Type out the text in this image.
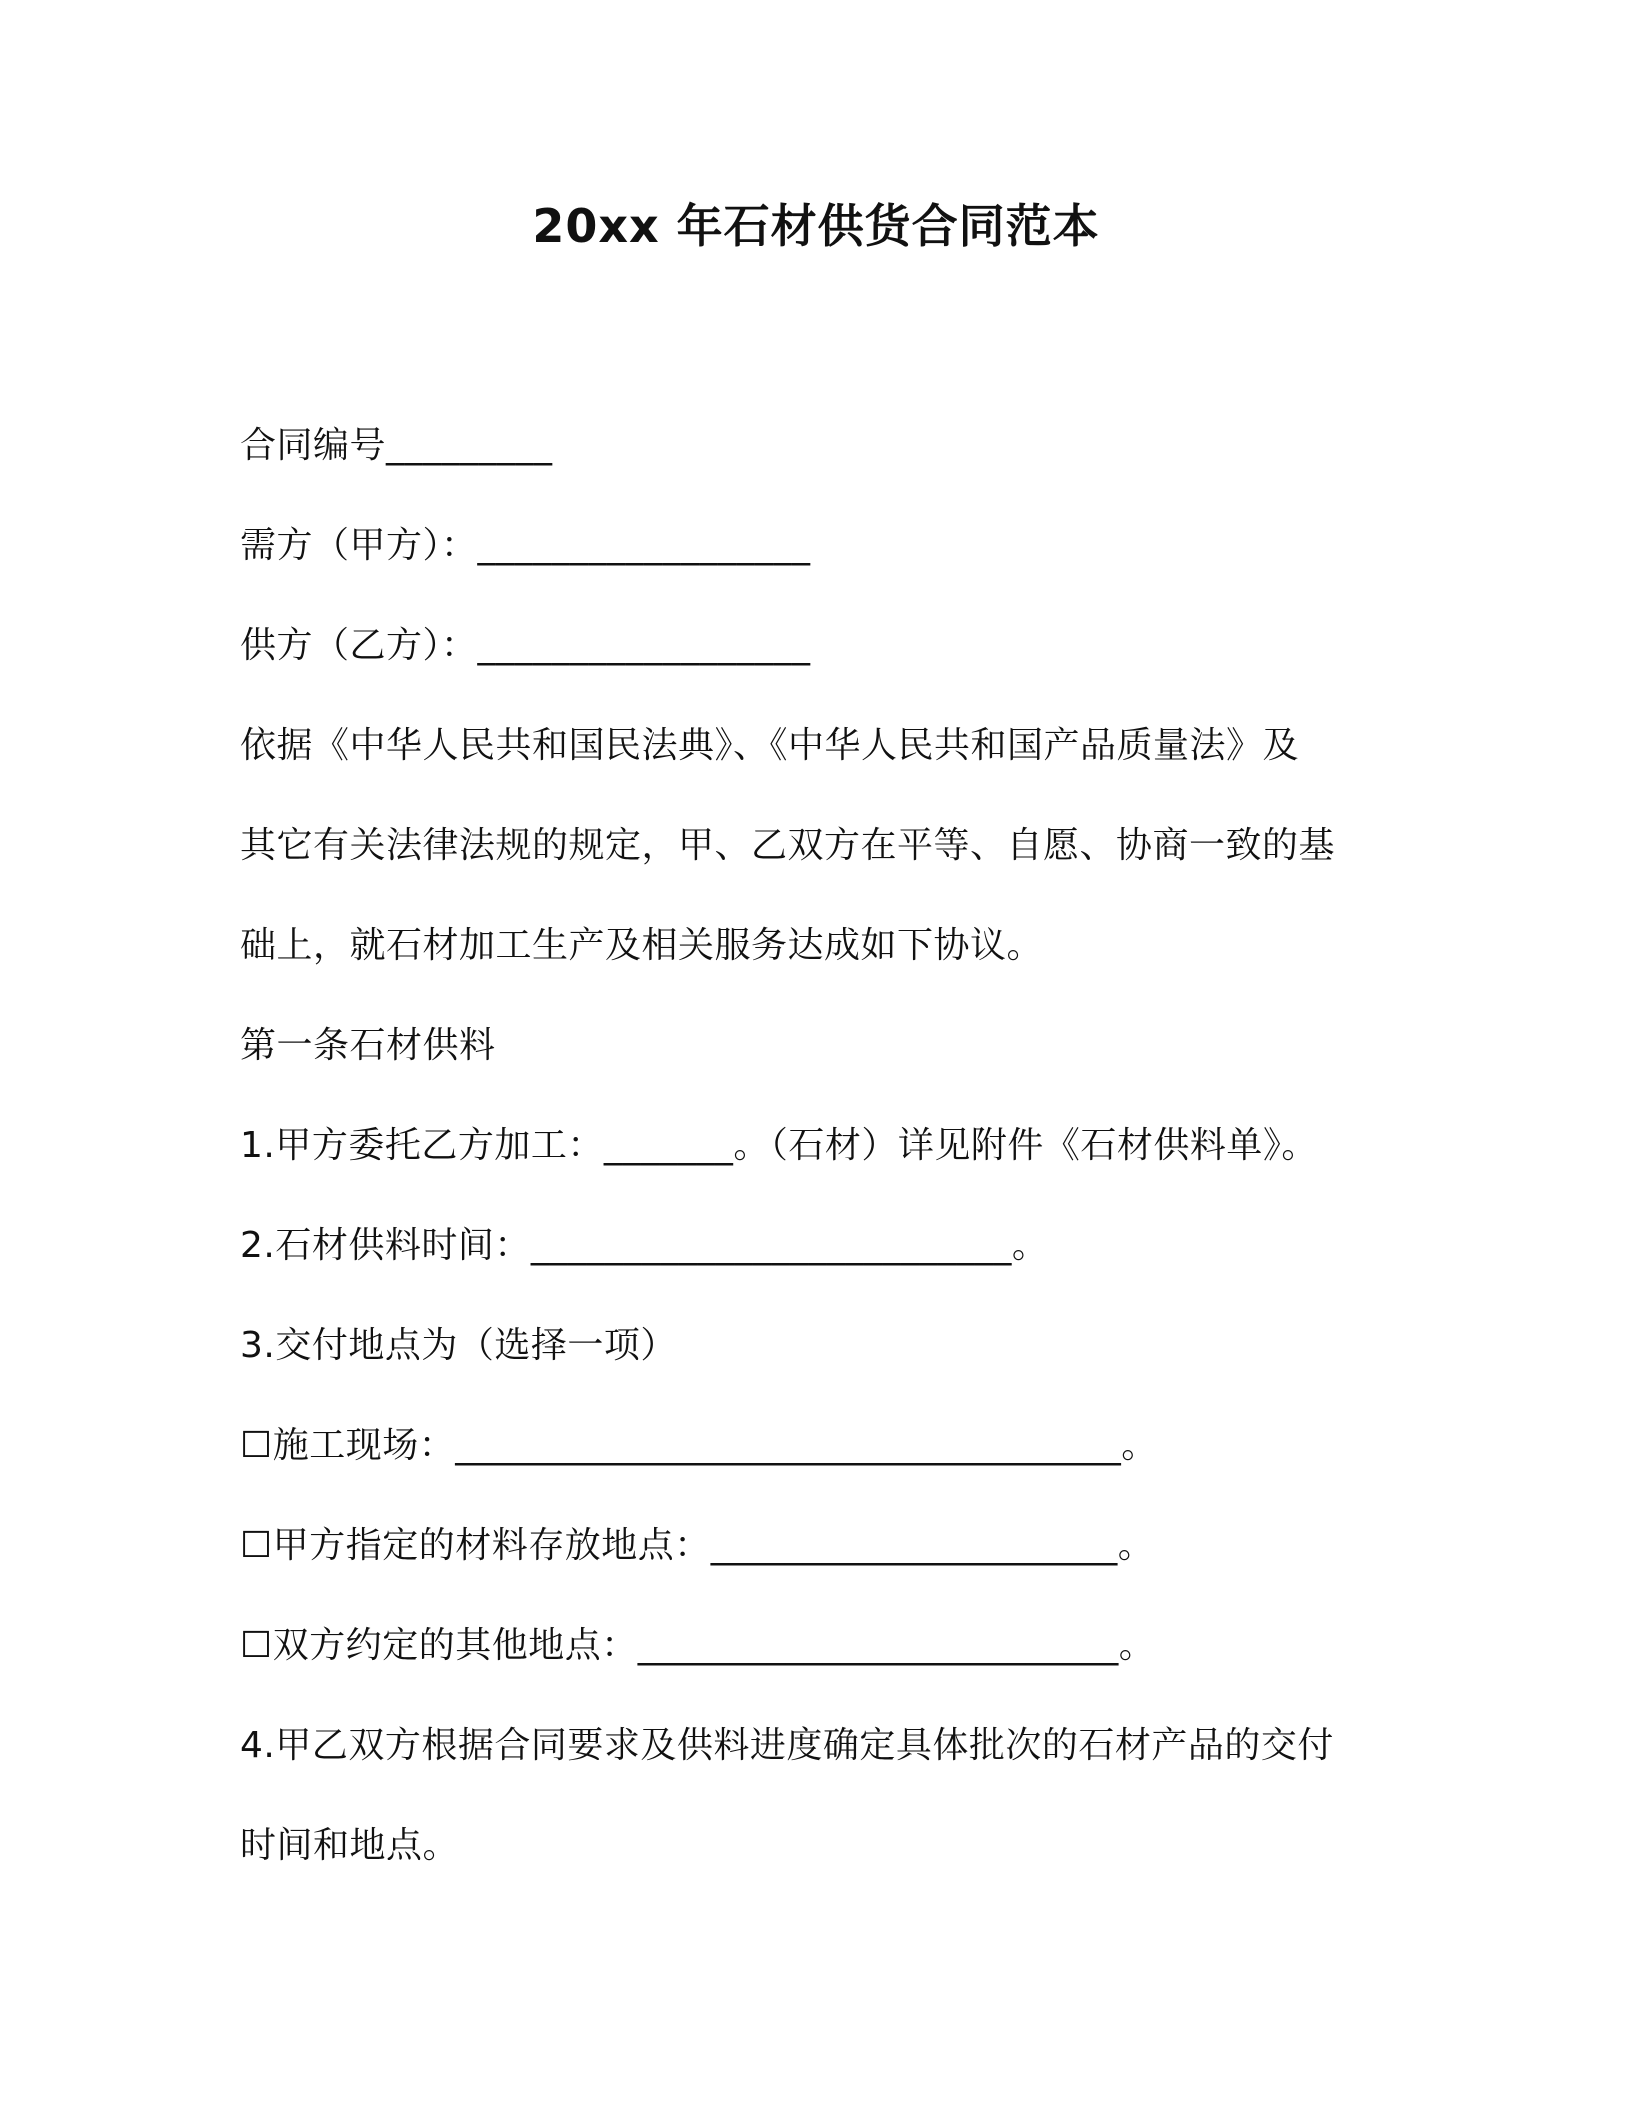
20xx 年石材供货合同范本
合同编号_________
需方（甲方）：__________________
供方（乙方）：__________________
依据《中华人民共和国民法典》、《中华人民共和国产品质量法》及
其它有关法律法规的规定，甲、乙双方在平等、自愿、协商一致的基
础上，就石材加工生产及相关服务达成如下协议。
第一条石材供料
1.甲方委托乙方加工：_______。（石材）详见附件《石材供料单》。
2.石材供料时间：__________________________。
3.交付地点为（选择一项）
☐施工现场：____________________________________。
☐甲方指定的材料存放地点：______________________。
☐双方约定的其他地点：__________________________。
4.甲乙双方根据合同要求及供料进度确定具体批次的石材产品的交付
时间和地点。
